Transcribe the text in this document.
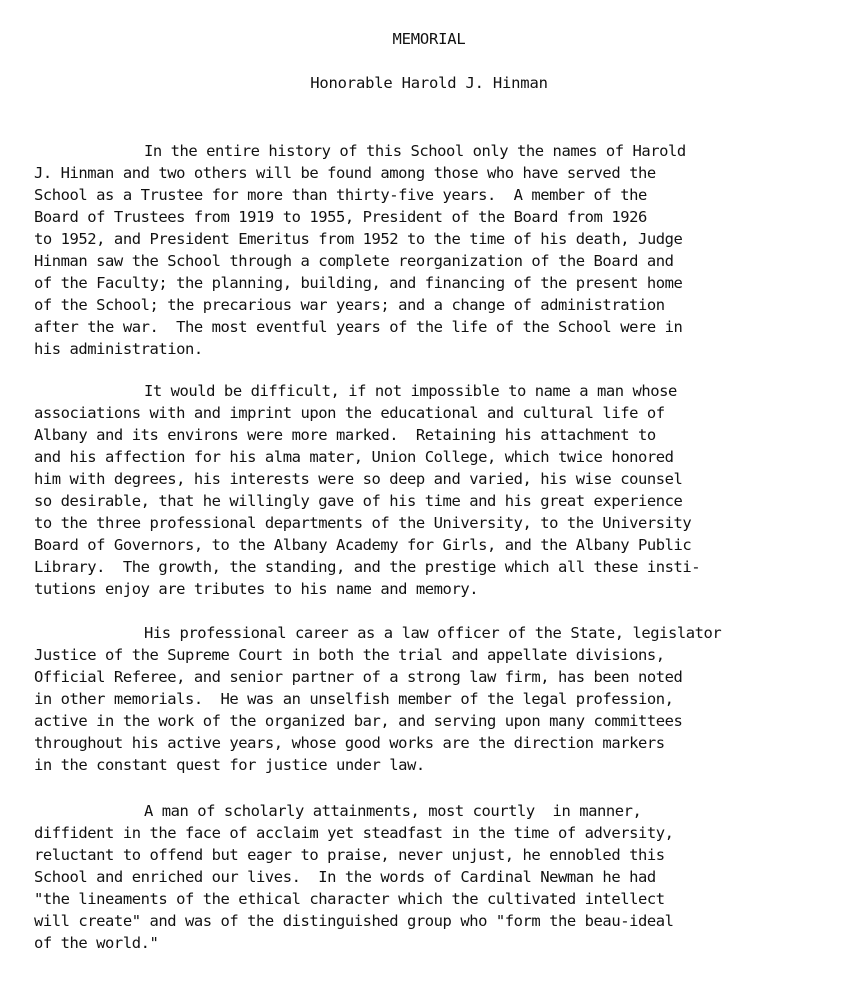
MEMORIAL
Honorable Harold J. Hinman
In the entire history of this School only the names of Harold
J. Hinman and two others will be found among those who have served the
School as a Trustee for more than thirty-five years.  A member of the
Board of Trustees from 1919 to 1955, President of the Board from 1926
to 1952, and President Emeritus from 1952 to the time of his death, Judge
Hinman saw the School through a complete reorganization of the Board and
of the Faculty; the planning, building, and financing of the present home
of the School; the precarious war years; and a change of administration
after the war.  The most eventful years of the life of the School were in
his administration.
It would be difficult, if not impossible to name a man whose
associations with and imprint upon the educational and cultural life of
Albany and its environs were more marked.  Retaining his attachment to
and his affection for his alma mater, Union College, which twice honored
him with degrees, his interests were so deep and varied, his wise counsel
so desirable, that he willingly gave of his time and his great experience
to the three professional departments of the University, to the University
Board of Governors, to the Albany Academy for Girls, and the Albany Public
Library.  The growth, the standing, and the prestige which all these insti-
tutions enjoy are tributes to his name and memory.
His professional career as a law officer of the State, legislator
Justice of the Supreme Court in both the trial and appellate divisions,
Official Referee, and senior partner of a strong law firm, has been noted
in other memorials.  He was an unselfish member of the legal profession,
active in the work of the organized bar, and serving upon many committees
throughout his active years, whose good works are the direction markers
in the constant quest for justice under law.
A man of scholarly attainments, most courtly  in manner,
diffident in the face of acclaim yet steadfast in the time of adversity,
reluctant to offend but eager to praise, never unjust, he ennobled this
School and enriched our lives.  In the words of Cardinal Newman he had
"the lineaments of the ethical character which the cultivated intellect
will create" and was of the distinguished group who "form the beau-ideal
of the world."
